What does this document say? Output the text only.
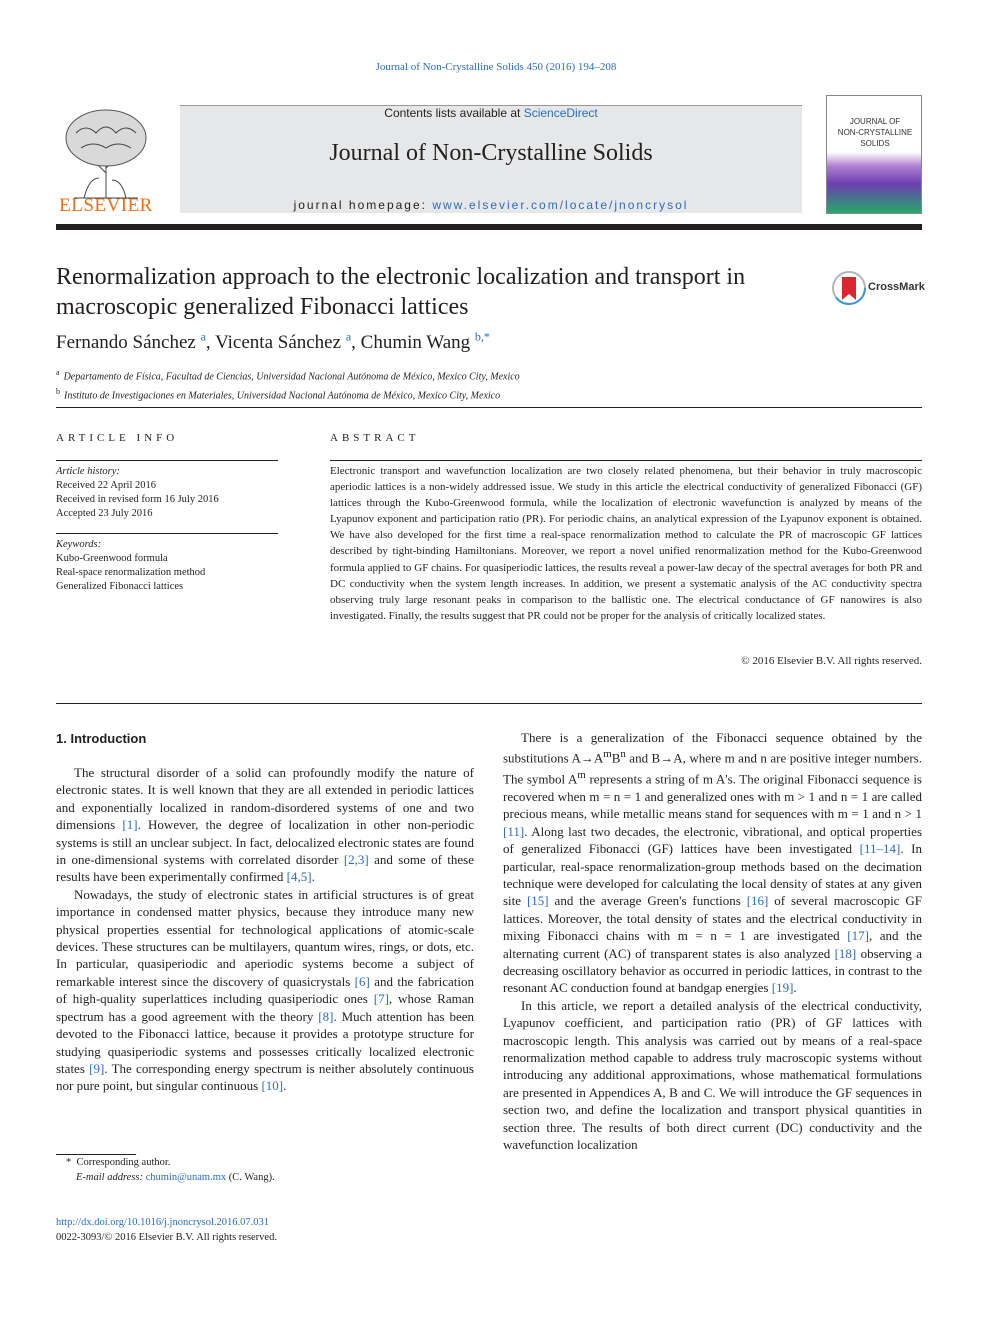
Journal of Non-Crystalline Solids 450 (2016) 194–208
ELSEVIER
Contents lists available at ScienceDirect
Journal of Non-Crystalline Solids
journal homepage: www.elsevier.com/locate/jnoncrysol
JOURNAL OF
NON-CRYSTALLINE SOLIDS
Renormalization approach to the electronic localization and transport in macroscopic generalized Fibonacci lattices
CrossMark
Fernando Sánchez $^a$, Vicenta Sánchez $^a$, Chumin Wang $^{b,*}$
$^a$ Departamento de Física, Facultad de Ciencias, Universidad Nacional Autónoma de México, Mexico City, Mexico
$^b$ Instituto de Investigaciones en Materiales, Universidad Nacional Autónoma de México, Mexico City, Mexico
ARTICLE INFO	ABSTRACT
Article history:
Received 22 April 2016
Received in revised form 16 July 2016
Accepted 23 July 2016
Keywords:
Kubo-Greenwood formula
Real-space renormalization method
Generalized Fibonacci lattices
Electronic transport and wavefunction localization are two closely related phenomena, but their behavior in truly macroscopic aperiodic lattices is a non-widely addressed issue. We study in this article the electrical conductivity of generalized Fibonacci (GF) lattices through the Kubo-Greenwood formula, while the localization of electronic wavefunction is analyzed by means of the Lyapunov exponent and participation ratio (PR). For periodic chains, an analytical expression of the Lyapunov exponent is obtained. We have also developed for the first time a real-space renormalization method to calculate the PR of macroscopic GF lattices described by tight-binding Hamiltonians. Moreover, we report a novel unified renormalization method for the Kubo-Greenwood formula applied to GF chains. For quasiperiodic lattices, the results reveal a power-law decay of the spectral averages for both PR and DC conductivity when the system length increases. In addition, we present a systematic analysis of the AC conductivity spectra observing truly large resonant peaks in comparison to the ballistic one. The electrical conductance of GF nanowires is also investigated. Finally, the results suggest that PR could not be proper for the analysis of critically localized states.
© 2016 Elsevier B.V. All rights reserved.
1. Introduction

The structural disorder of a solid can profoundly modify the nature of electronic states. It is well known that they are all extended in periodic lattices and exponentially localized in random-disordered systems of one and two dimensions [1]. However, the degree of localization in other non-periodic systems is still an unclear subject. In fact, delocalized electronic states are found in one-dimensional systems with correlated disorder [2,3] and some of these results have been experimentally confirmed [4,5].

Nowadays, the study of electronic states in artificial structures is of great importance in condensed matter physics, because they introduce many new physical properties essential for technological applications of atomic-scale devices. These structures can be multilayers, quantum wires, rings, or dots, etc. In particular, quasiperiodic and aperiodic systems become a subject of remarkable interest since the discovery of quasicrystals [6] and the fabrication of high-quality superlattices including quasiperiodic ones [7], whose Raman spectrum has a good agreement with the theory [8]. Much attention has been devoted to the Fibonacci lattice, because it provides a prototype structure for studying quasiperiodic systems and possesses critically localized electronic states [9]. The corresponding energy spectrum is neither absolutely continuous nor pure point, but singular continuous [10].

There is a generalization of the Fibonacci sequence obtained by the substitutions $A\to A^mB^n$ and B→A, where m and n are positive integer numbers. The symbol $A^m$ represents a string of m A's. The original Fibonacci sequence is recovered when m = n = 1 and generalized ones with m > 1 and n = 1 are called precious means, while metallic means stand for sequences with m = 1 and n > 1 [11]. Along last two decades, the electronic, vibrational, and optical properties of generalized Fibonacci (GF) lattices have been investigated [11–14]. In particular, real-space renormalization-group methods based on the decimation technique were developed for calculating the local density of states at any given site [15] and the average Green's functions [16] of several macroscopic GF lattices. Moreover, the total density of states and the electrical conductivity in mixing Fibonacci chains with m = n = 1 are investigated [17], and the alternating current (AC) of transparent states is also analyzed [18] observing a decreasing oscillatory behavior as occurred in periodic lattices, in contrast to the resonant AC conduction found at bandgap energies [19].

In this article, we report a detailed analysis of the electrical conductivity, Lyapunov coefficient, and participation ratio (PR) of GF lattices with macroscopic length. This analysis was carried out by means of a real-space renormalization method capable to address truly macroscopic systems without introducing any additional approximations, whose mathematical formulations are presented in Appendices A, B and C. We will introduce the GF sequences in section two, and define the localization and transport physical quantities in section three. The results of both direct current (DC) conductivity and the wavefunction localization

* Corresponding author.
E-mail address: chumin@unam.mx (C. Wang).
http://dx.doi.org/10.1016/j.jnoncrysol.2016.07.031
0022-3093/© 2016 Elsevier B.V. All rights reserved.
